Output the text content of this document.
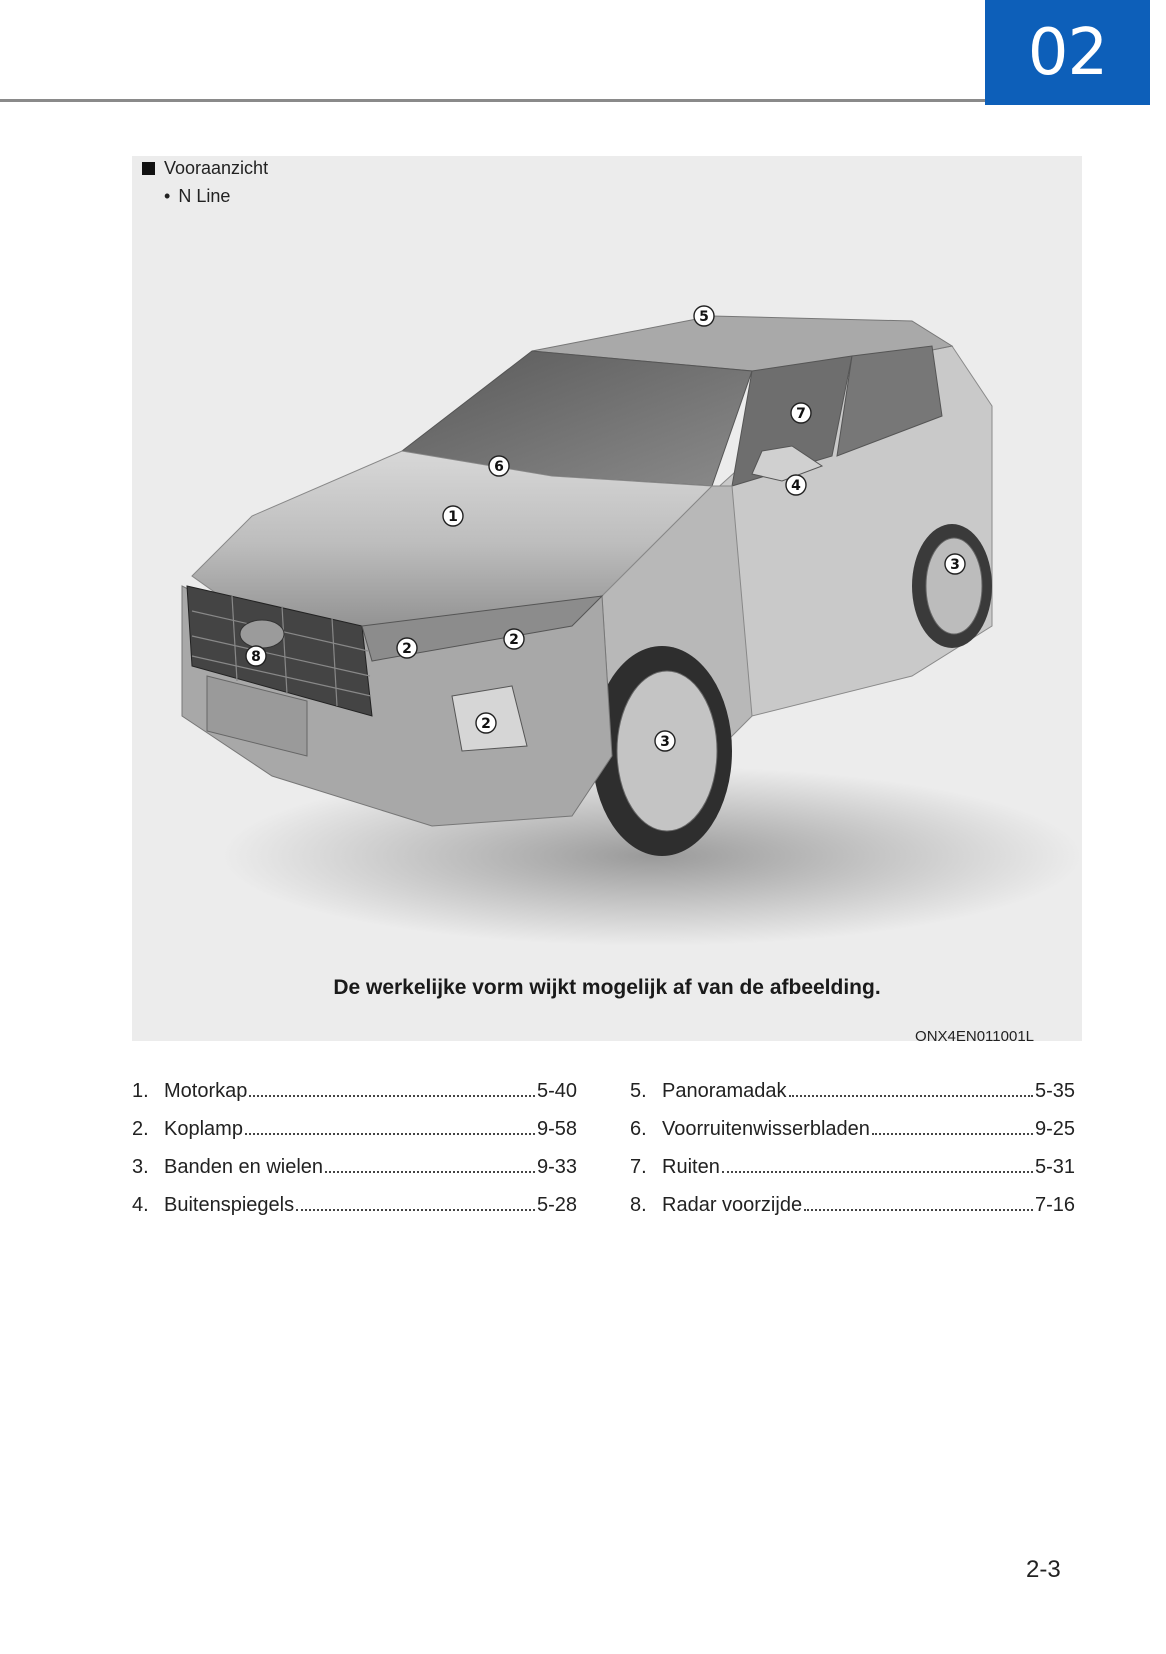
02
1
2
2
2
3
3
4
5
6
7
8
Vooraanzicht
• N Line
De werkelijke vorm wijkt mogelijk af van de afbeelding.
ONX4EN011001L
1. Motorkap	5-40
2. Koplamp	9-58
3. Banden en wielen	9-33
4. Buitenspiegels	5-28
5. Panoramadak	5-35
6. Voorruitenwisserbladen	9-25
7. Ruiten	5-31
8. Radar voorzijde	7-16
2-3
